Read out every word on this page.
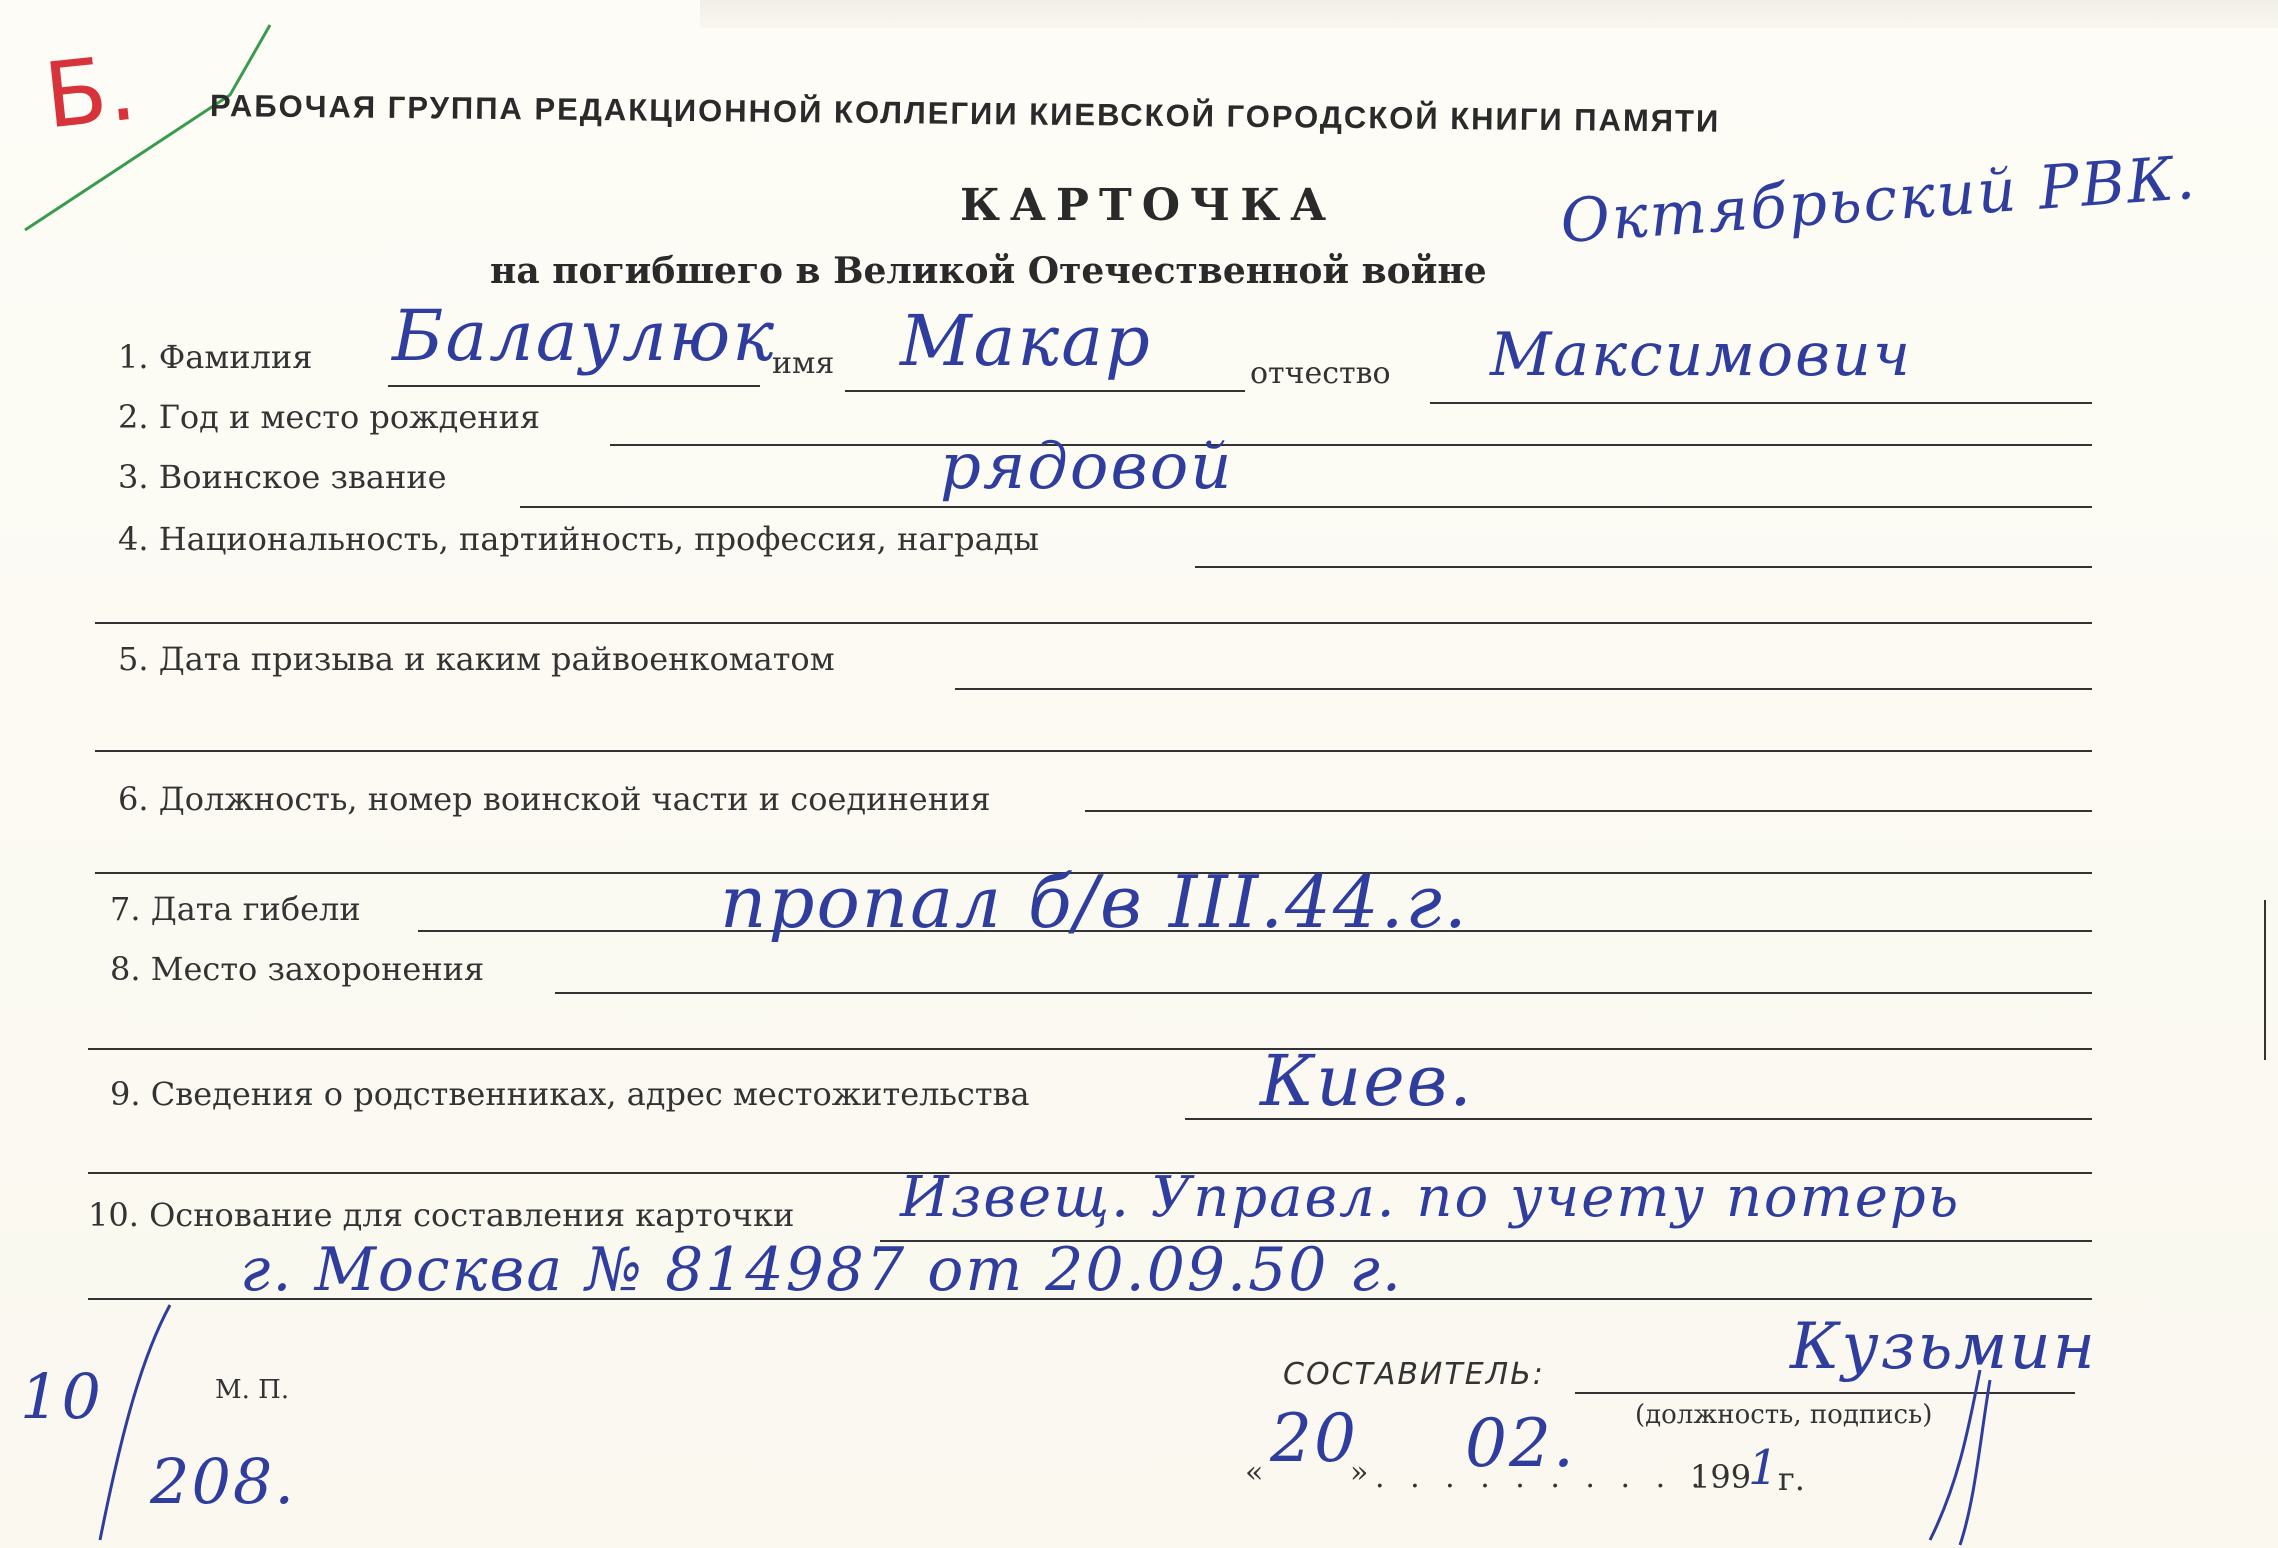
Б. РАБОЧАЯ ГРУППА РЕДАКЦИОННОЙ КОЛЛЕГИИ КИЕВСКОЙ ГОРОДСКОЙ КНИГИ ПАМЯТИ
КАРТОЧКА	Октябрьский РВК.
на погибшего в Великой Отечественной войне
1. Фамилия Балаулюк
имя Макар	отчество Максимович
2. Год и место рождения
3. Воинское звание	рядовой
4. Национальность, партийность, профессия, награды
5. Дата призыва и каким райвоенкоматом
6. Должность, номер воинской части и соединения
7. Дата гибели	пропал б/в III.44.г.
8. Место захоронения
9. Сведения о родственниках, адрес местожительства	Киев.
10. Основание для составления карточки Извещ. Управл. по учету потерь
г. Москва № 814987 от 20.09.50 г.
10
208.
М. П.	СОСТАВИТЕЛЬ:	Кузьмин
(должность, подпись)
« 20
» . . . . . . . . . .
02.	199
1
г.
